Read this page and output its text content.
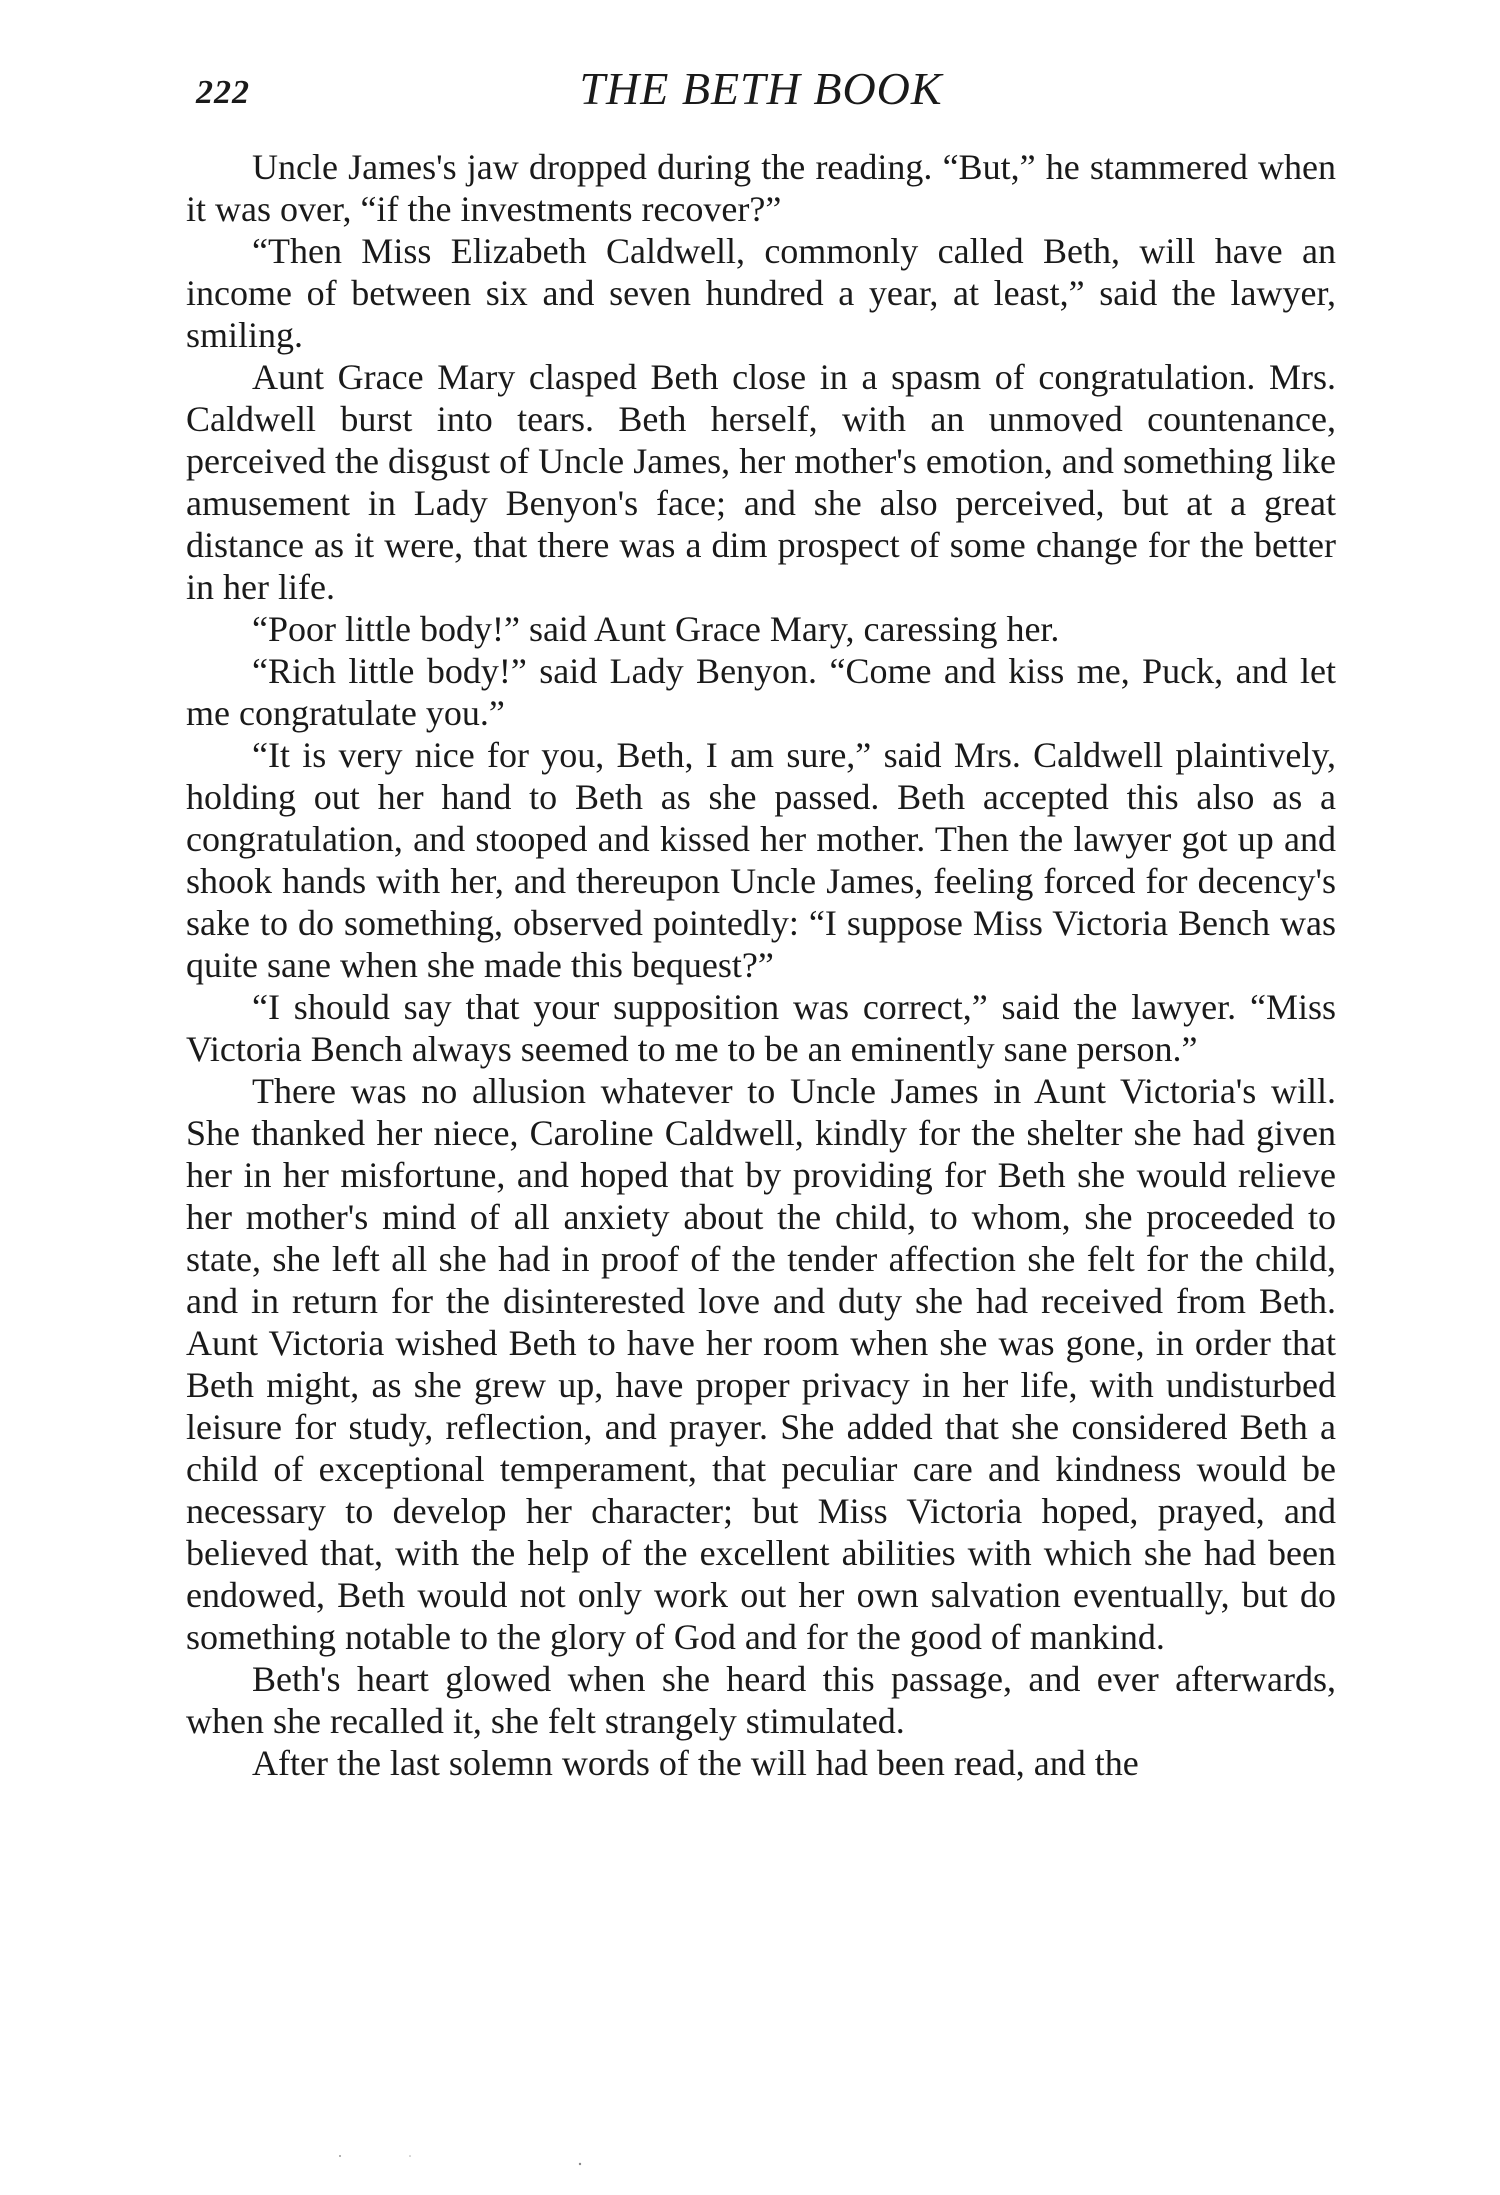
222	THE BETH BOOK

Uncle James's jaw dropped during the reading. “But,” he stammered when it was over, “if the investments recover?”

“Then Miss Elizabeth Caldwell, commonly called Beth, will have an income of between six and seven hundred a year, at least,” said the lawyer, smiling.

Aunt Grace Mary clasped Beth close in a spasm of congratulation. Mrs. Caldwell burst into tears. Beth herself, with an unmoved countenance, perceived the disgust of Uncle James, her mother's emotion, and something like amusement in Lady Benyon's face; and she also perceived, but at a great distance as it were, that there was a dim prospect of some change for the better in her life.

“Poor little body!” said Aunt Grace Mary, caressing her.

“Rich little body!” said Lady Benyon. “Come and kiss me, Puck, and let me congratulate you.”

“It is very nice for you, Beth, I am sure,” said Mrs. Caldwell plaintively, holding out her hand to Beth as she passed. Beth accepted this also as a congratulation, and stooped and kissed her mother. Then the lawyer got up and shook hands with her, and thereupon Uncle James, feeling forced for decency's sake to do something, observed pointedly: “I suppose Miss Victoria Bench was quite sane when she made this bequest?”

“I should say that your supposition was correct,” said the lawyer. “Miss Victoria Bench always seemed to me to be an eminently sane person.”

There was no allusion whatever to Uncle James in Aunt Victoria's will. She thanked her niece, Caroline Caldwell, kindly for the shelter she had given her in her misfortune, and hoped that by providing for Beth she would relieve her mother's mind of all anxiety about the child, to whom, she proceeded to state, she left all she had in proof of the tender affection she felt for the child, and in return for the disinterested love and duty she had received from Beth. Aunt Victoria wished Beth to have her room when she was gone, in order that Beth might, as she grew up, have proper privacy in her life, with undisturbed leisure for study, reflection, and prayer. She added that she considered Beth a child of exceptional temperament, that peculiar care and kindness would be necessary to develop her character; but Miss Victoria hoped, prayed, and believed that, with the help of the excellent abilities with which she had been endowed, Beth would not only work out her own salvation eventually, but do something notable to the glory of God and for the good of mankind.

Beth's heart glowed when she heard this passage, and ever afterwards, when she recalled it, she felt strangely stimulated.

After the last solemn words of the will had been read, and the
